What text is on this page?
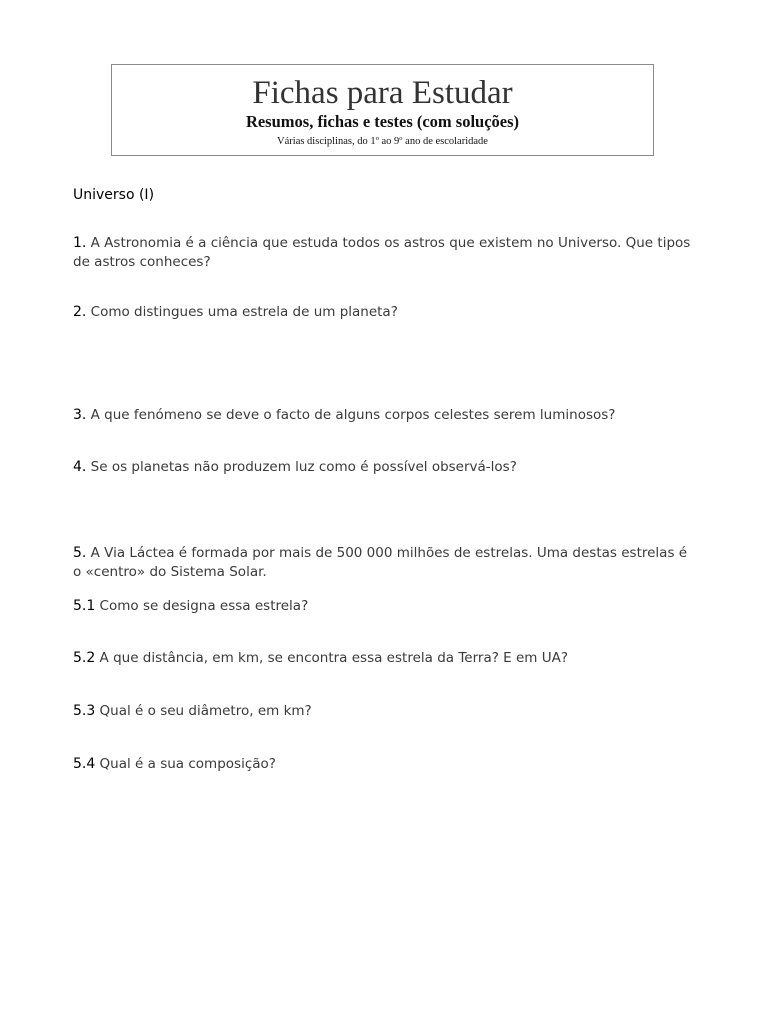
Fichas para Estudar
Resumos, fichas e testes (com soluções)
Várias disciplinas, do 1$^o$ ao 9$^o$ ano de escolaridade
Universo (I)
1. A Astronomia é a ciência que estuda todos os astros que existem no Universo. Que tipos de astros conheces?
2. Como distingues uma estrela de um planeta?
3. A que fenómeno se deve o facto de alguns corpos celestes serem luminosos?
4. Se os planetas não produzem luz como é possível observá-los?
5. A Via Láctea é formada por mais de 500 000 milhões de estrelas. Uma destas estrelas é o «centro» do Sistema Solar.
5.1 Como se designa essa estrela?
5.2 A que distância, em km, se encontra essa estrela da Terra? E em UA?
5.3 Qual é o seu diâmetro, em km?
5.4 Qual é a sua composição?
